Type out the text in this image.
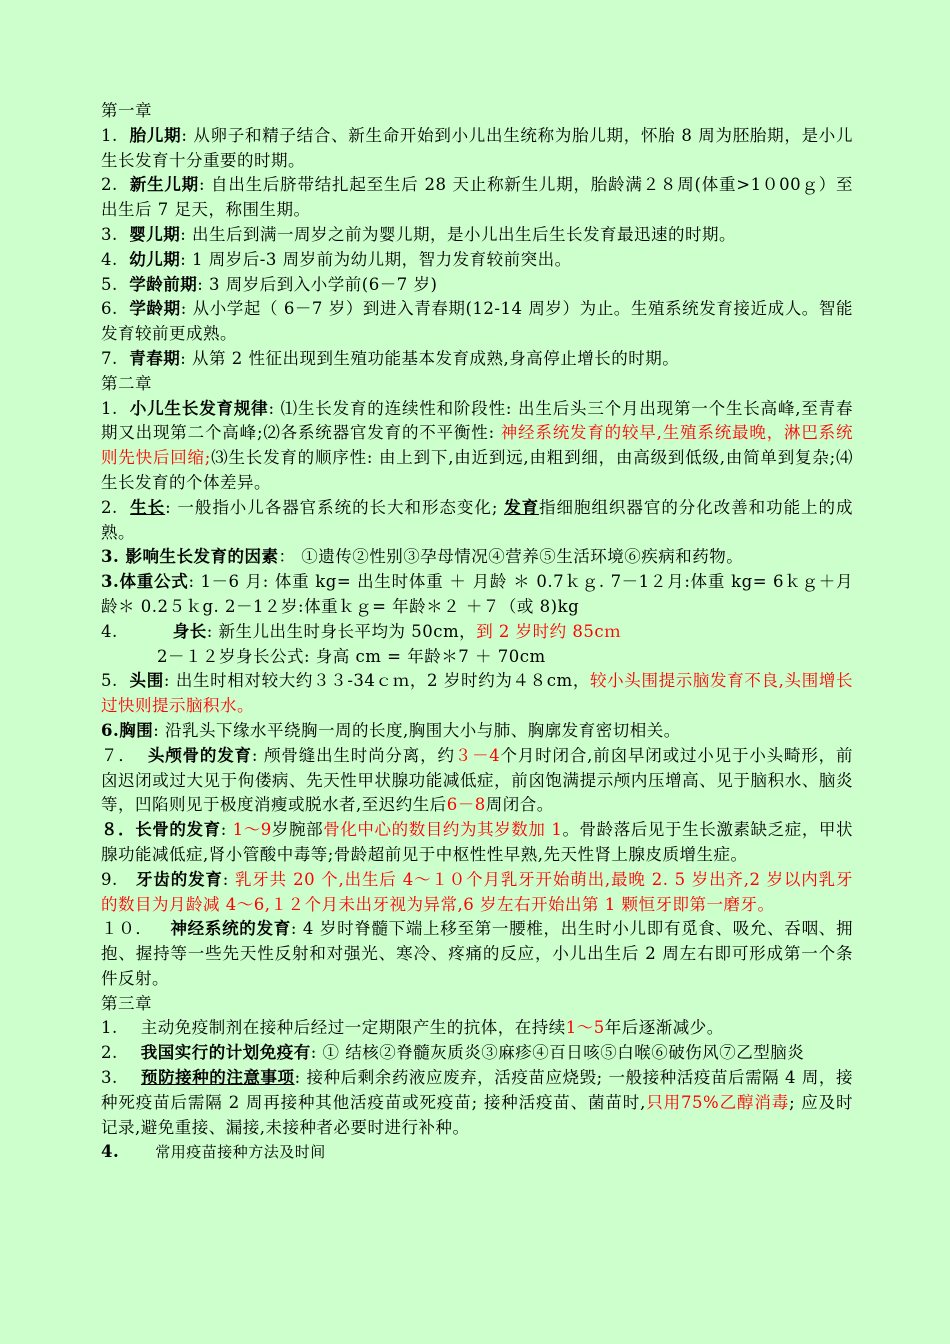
第一章

1.  胎儿期: 从卵子和精子结合、新生命开始到小儿出生统称为胎儿期，怀胎 8 周为胚胎期，是小儿生长发育十分重要的时期。

2.  新生儿期: 自出生后脐带结扎起至生后 28 天止称新生儿期，胎龄满２８周(体重>1０00ｇ）至出生后 7 足天，称围生期。

3.  婴儿期: 出生后到满一周岁之前为婴儿期，是小儿出生后生长发育最迅速的时期。

4.  幼儿期: 1 周岁后-3 周岁前为幼儿期，智力发育较前突出。

5.  学龄前期: 3 周岁后到入小学前(6－7 岁)

6.  学龄期: 从小学起（ 6－7 岁）到进入青春期(12-14 周岁）为止。生殖系统发育接近成人。智能发育较前更成熟。

7.  青春期: 从第 2 性征出现到生殖功能基本发育成熟,身高停止增长的时期。

第二章

1.  小儿生长发育规律: ⑴生长发育的连续性和阶段性: 出生后头三个月出现第一个生长高峰,至青春期又出现第二个高峰;⑵各系统器官发育的不平衡性: 神经系统发育的较早,生殖系统最晚，淋巴系统则先快后回缩;⑶生长发育的顺序性: 由上到下,由近到远,由粗到细，由高级到低级,由简单到复杂;⑷生长发育的个体差异。

2.  生长: 一般指小儿各器官系统的长大和形态变化; 发育指细胞组织器官的分化改善和功能上的成熟。

3. 影响生长发育的因素： ①遗传②性别③孕母情况④营养⑤生活环境⑥疾病和药物。

3.体重公式: 1－6 月: 体重 kg= 出生时体重 ＋ 月龄 ＊ 0.7ｋｇ. 7－1２月:体重 kg= 6ｋｇ＋月龄＊ 0.2５ｋg. 2－1２岁:体重ｋｇ= 年龄＊２ ＋７（或 8)kg

4.	身长: 新生儿出生时身长平均为 50cm，到 2 岁时约 85cｍ

2－１２岁身长公式: 身高 cm = 年龄＊7 ＋ 70cm

5.  头围: 出生时相对较大约３３-34ｃｍ，2 岁时约为４８cm，较小头围提示脑发育不良,头围增长过快则提示脑积水。

6.胸围: 沿乳头下缘水平绕胸一周的长度,胸围大小与肺、胸廓发育密切相关。

７．  头颅骨的发育: 颅骨缝出生时尚分离，约３－4个月时闭合,前囟早闭或过小见于小头畸形，前囟迟闭或过大见于佝偻病、先天性甲状腺功能减低症，前囟饱满提示颅内压增高、见于脑积水、脑炎等，凹陷则见于极度消瘦或脱水者,至迟约生后6－8周闭合。

８．长骨的发育: 1～9岁腕部骨化中心的数目约为其岁数加 1。骨龄落后见于生长激素缺乏症，甲状腺功能减低症,肾小管酸中毒等;骨龄超前见于中枢性性早熟,先天性肾上腺皮质增生症。

9.   牙齿的发育: 乳牙共 20 个,出生后 4～１０个月乳牙开始萌出,最晚 2. 5 岁出齐,2 岁以内乳牙的数目为月龄减 4～6,１２个月未出牙视为异常,6 岁左右开始出第 1 颗恒牙即第一磨牙。

１０．   神经系统的发育: 4 岁时脊髓下端上移至第一腰椎，出生时小儿即有觅食、吸允、吞咽、拥抱、握持等一些先天性反射和对强光、寒冷、疼痛的反应，小儿出生后 2 周左右即可形成第一个条件反射。

第三章

1.    主动免疫制剂在接种后经过一定期限产生的抗体，在持续1～5年后逐渐减少。

2.    我国实行的计划免疫有: ① 结核②脊髓灰质炎③麻疹④百日咳⑤白喉⑥破伤风⑦乙型脑炎

3.    预防接种的注意事项: 接种后剩余药液应废弃，活疫苗应烧毁; 一般接种活疫苗后需隔 4 周，接种死疫苗后需隔 2 周再接种其他活疫苗或死疫苗; 接种活疫苗、菌苗时,只用75%乙醇消毒; 应及时记录,避免重接、漏接,未接种者必要时进行补种。

4. 常用疫苗接种方法及时间
